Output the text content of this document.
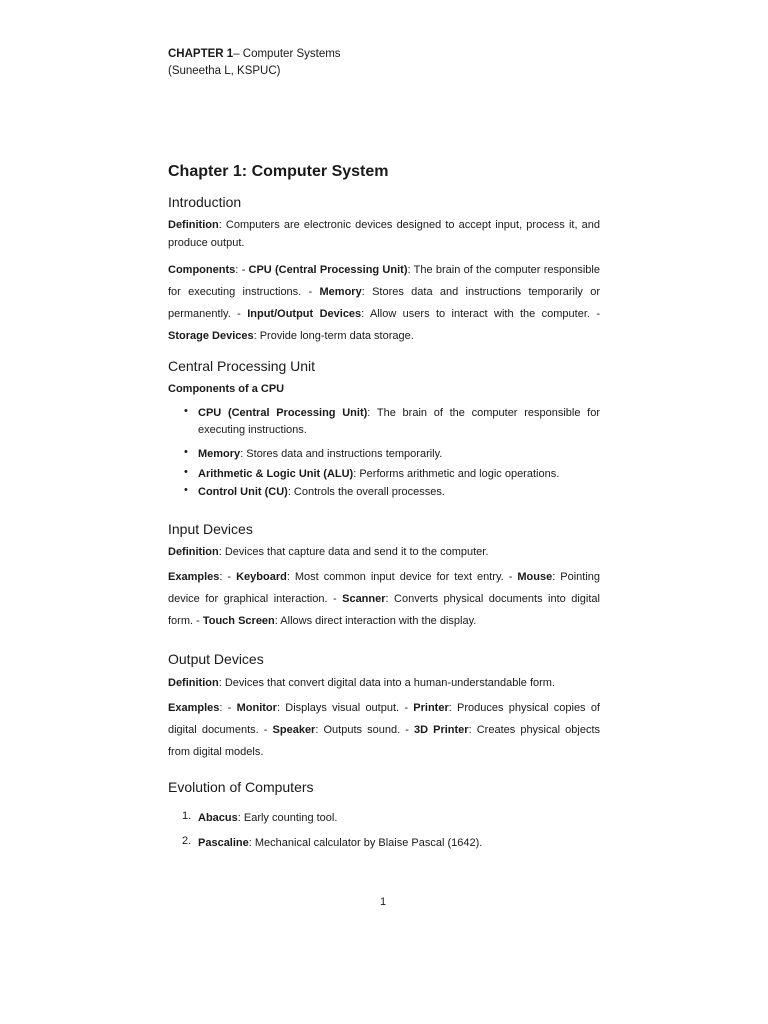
CHAPTER 1– Computer Systems
(Suneetha L, KSPUC)
Chapter 1: Computer System
Introduction
Definition: Computers are electronic devices designed to accept input, process it, and produce output.
Components: - CPU (Central Processing Unit): The brain of the computer responsible for executing instructions. - Memory: Stores data and instructions temporarily or permanently. - Input/Output Devices: Allow users to interact with the computer. - Storage Devices: Provide long-term data storage.
Central Processing Unit
Components of a CPU
• CPU (Central Processing Unit): The brain of the computer responsible for executing instructions.
• Memory: Stores data and instructions temporarily.
• Arithmetic & Logic Unit (ALU): Performs arithmetic and logic operations.
• Control Unit (CU): Controls the overall processes.
Input Devices
Definition: Devices that capture data and send it to the computer.
Examples: - Keyboard: Most common input device for text entry. - Mouse: Pointing device for graphical interaction. - Scanner: Converts physical documents into digital form. - Touch Screen: Allows direct interaction with the display.
Output Devices
Definition: Devices that convert digital data into a human-understandable form.
Examples: - Monitor: Displays visual output. - Printer: Produces physical copies of digital documents. - Speaker: Outputs sound. - 3D Printer: Creates physical objects from digital models.
Evolution of Computers
1. Abacus: Early counting tool.
2. Pascaline: Mechanical calculator by Blaise Pascal (1642).
1
